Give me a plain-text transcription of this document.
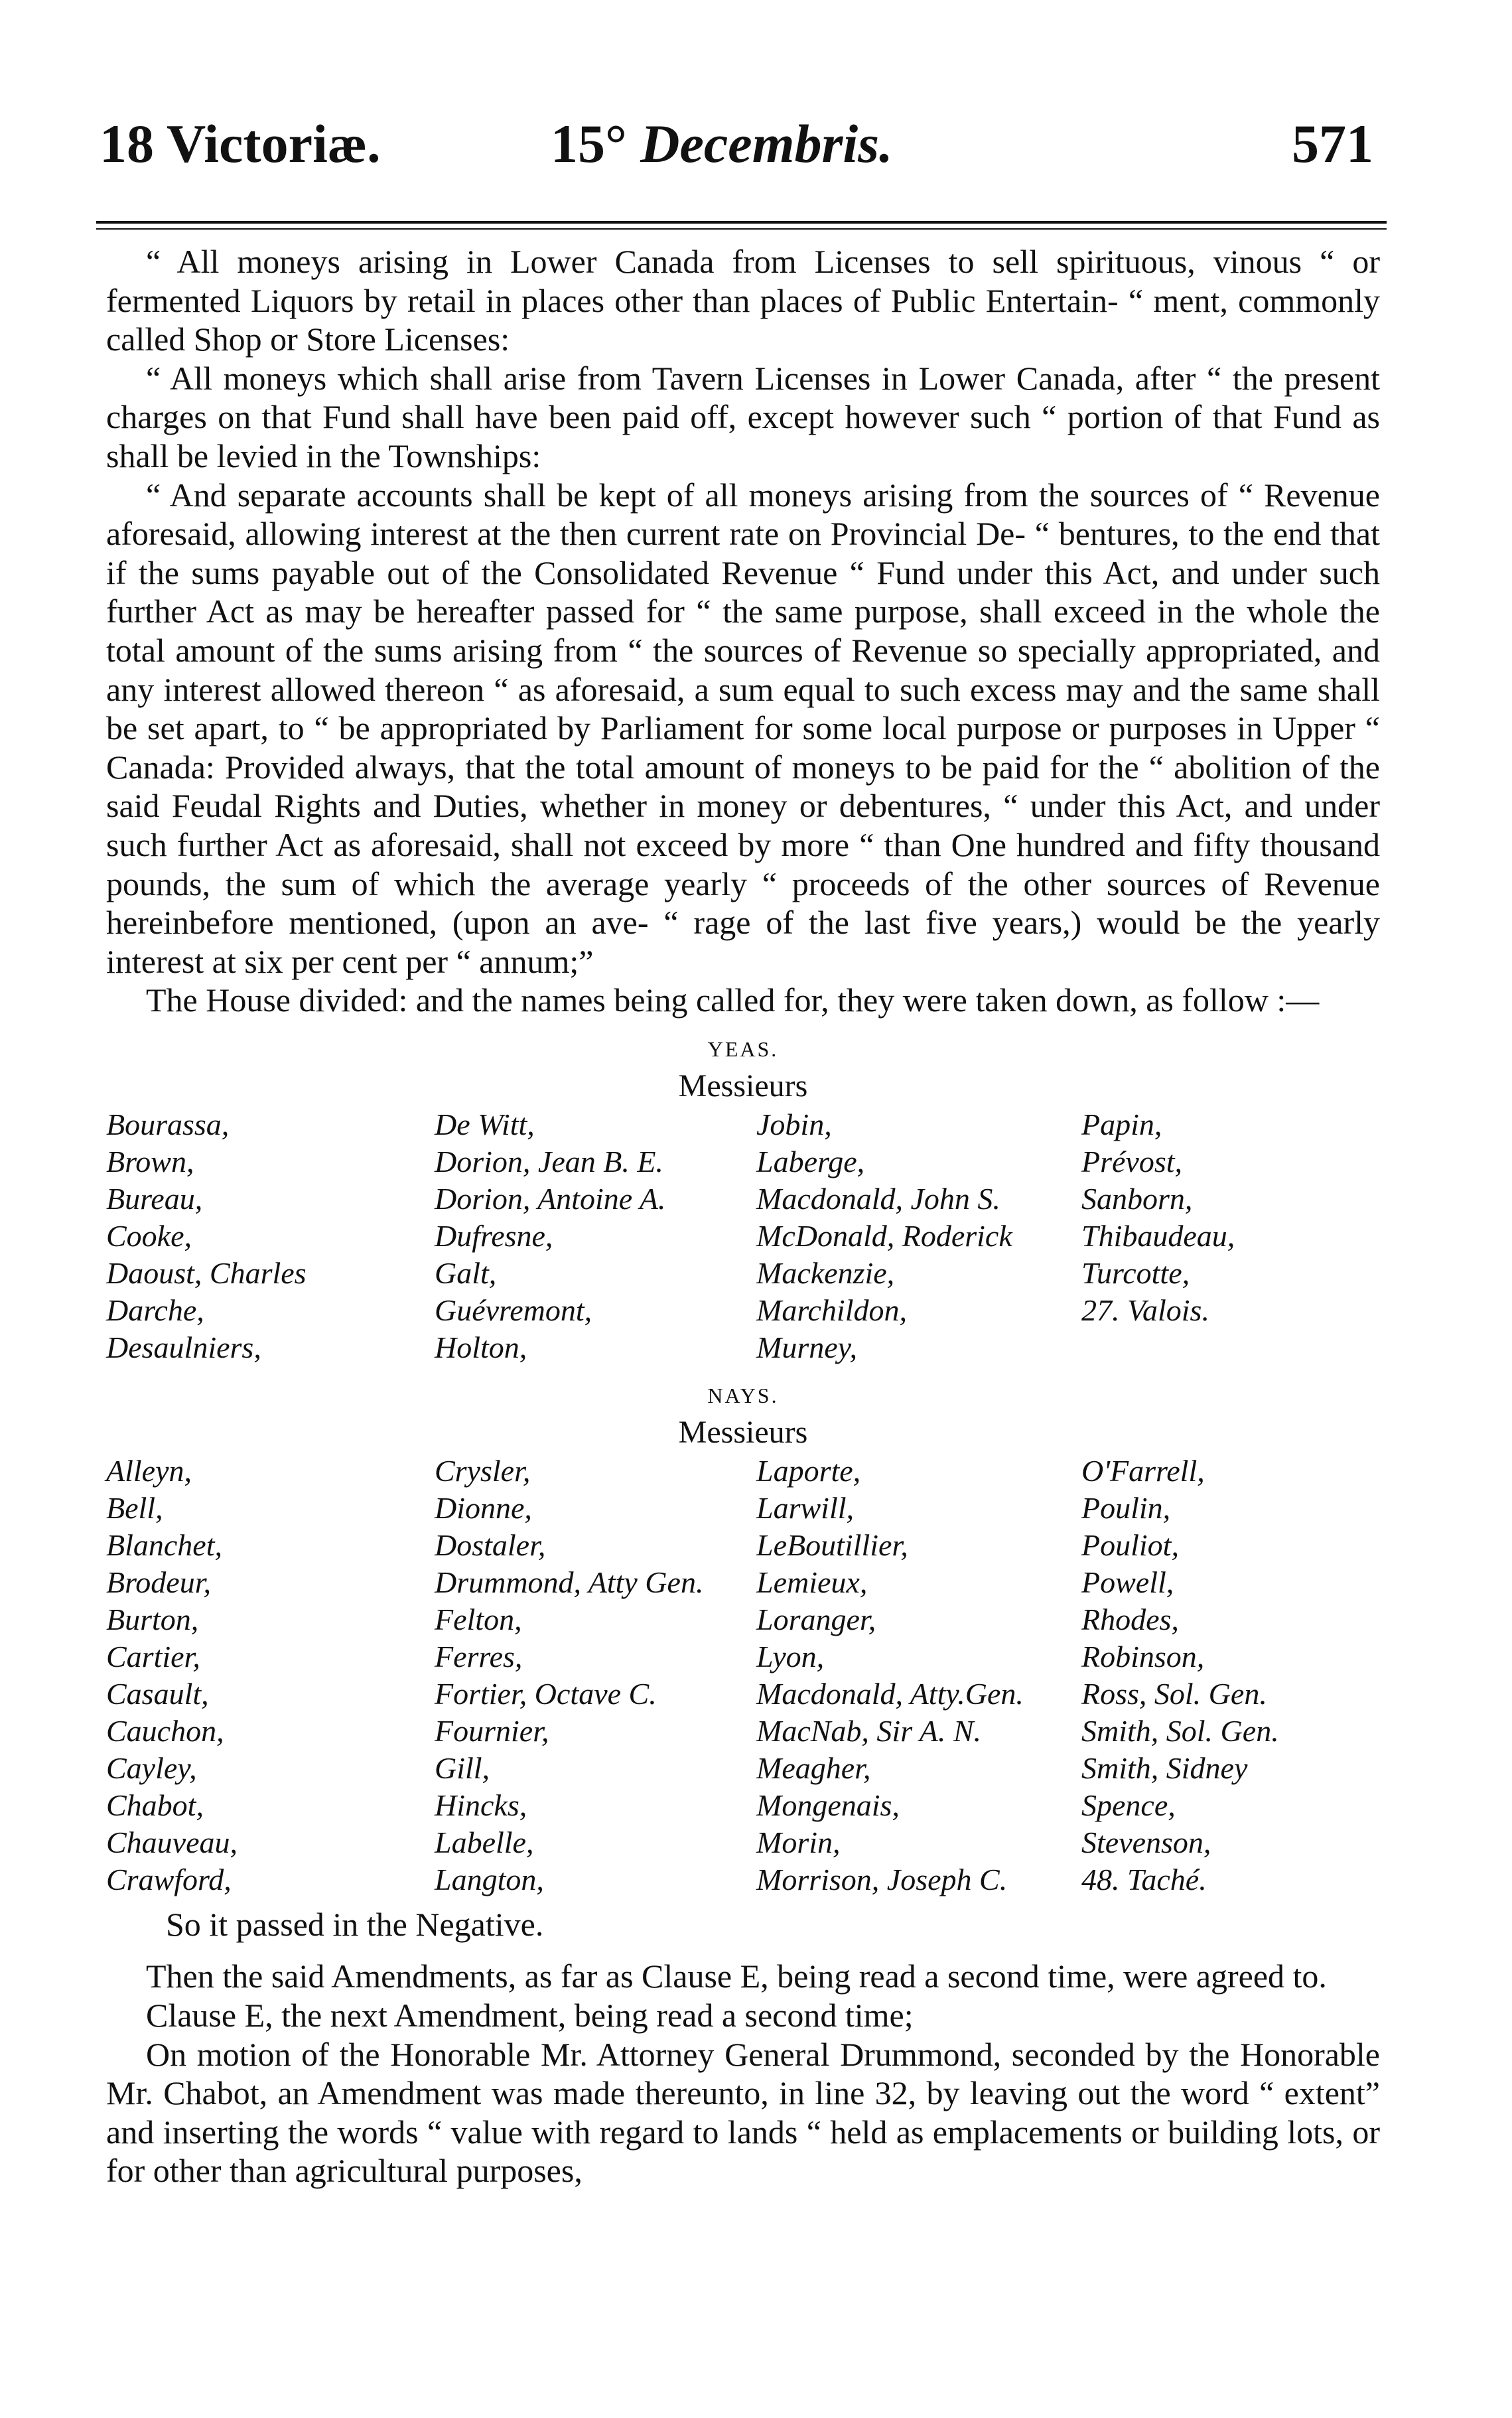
18 Victoriæ.	15° Decembris.	571

“ All moneys arising in Lower Canada from Licenses to sell spirituous, vinous “ or fermented Liquors by retail in places other than places of Public Entertain- “ ment, commonly called Shop or Store Licenses:

“ All moneys which shall arise from Tavern Licenses in Lower Canada, after “ the present charges on that Fund shall have been paid off, except however such “ portion of that Fund as shall be levied in the Townships:

“ And separate accounts shall be kept of all moneys arising from the sources of “ Revenue aforesaid, allowing interest at the then current rate on Provincial De- “ bentures, to the end that if the sums payable out of the Consolidated Revenue “ Fund under this Act, and under such further Act as may be hereafter passed for “ the same purpose, shall exceed in the whole the total amount of the sums arising from “ the sources of Revenue so specially appropriated, and any interest allowed thereon “ as aforesaid, a sum equal to such excess may and the same shall be set apart, to “ be appropriated by Parliament for some local purpose or purposes in Upper “ Canada: Provided always, that the total amount of moneys to be paid for the “ abolition of the said Feudal Rights and Duties, whether in money or debentures, “ under this Act, and under such further Act as aforesaid, shall not exceed by more “ than One hundred and fifty thousand pounds, the sum of which the average yearly “ proceeds of the other sources of Revenue hereinbefore mentioned, (upon an ave- “ rage of the last five years,) would be the yearly interest at six per cent per “ annum;”

The House divided: and the names being called for, they were taken down, as follow :—

YEAS.
Messieurs
Bourassa,	De Witt,	Jobin,	Papin,
Brown,	Dorion, Jean B. E.	Laberge,	Prévost,
Bureau,	Dorion, Antoine A.	Macdonald, John S.	Sanborn,
Cooke,	Dufresne,	McDonald, Roderick	Thibaudeau,
Daoust, Charles	Galt,	Mackenzie,	Turcotte,
Darche,	Guévremont,	Marchildon,	27. Valois.
Desaulniers,	Holton,	Murney,
NAYS.
Messieurs
Alleyn,	Crysler,	Laporte,	O'Farrell,
Bell,	Dionne,	Larwill,	Poulin,
Blanchet,	Dostaler,	LeBoutillier,	Pouliot,
Brodeur,	Drummond, Atty Gen.	Lemieux,	Powell,
Burton,	Felton,	Loranger,	Rhodes,
Cartier,	Ferres,	Lyon,	Robinson,
Casault,	Fortier, Octave C.	Macdonald, Atty.Gen.	Ross, Sol. Gen.
Cauchon,	Fournier,	MacNab, Sir A. N.	Smith, Sol. Gen.
Cayley,	Gill,	Meagher,	Smith, Sidney
Chabot,	Hincks,	Mongenais,	Spence,
Chauveau,	Labelle,	Morin,	Stevenson,
Crawford,	Langton,	Morrison, Joseph C.	48. Taché.

So it passed in the Negative.

Then the said Amendments, as far as Clause E, being read a second time, were agreed to.

Clause E, the next Amendment, being read a second time;

On motion of the Honorable Mr. Attorney General Drummond, seconded by the Honorable Mr. Chabot, an Amendment was made thereunto, in line 32, by leaving out the word “ extent” and inserting the words “ value with regard to lands “ held as emplacements or building lots, or for other than agricultural purposes,
